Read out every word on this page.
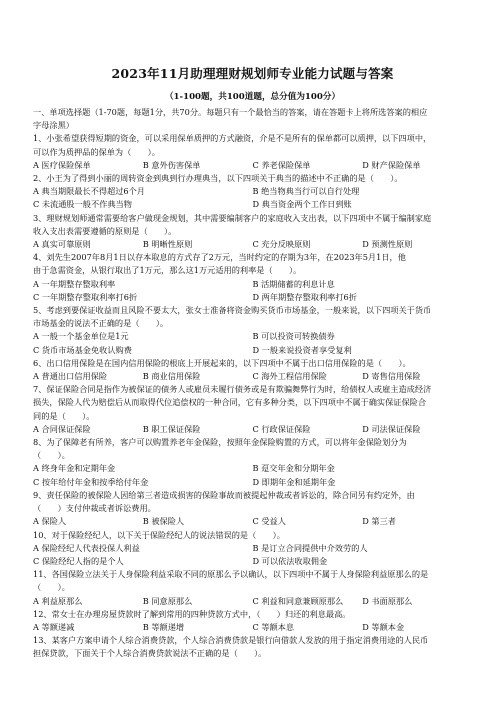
2023年11月助理理财规划师专业能力试题与答案
（1-100题，共100道题，总分值为100分）
一、单项选择题（1-70题，每题1分，共70分。每题只有一个最恰当的答案，请在答题卡上将所选答案的相应
字母涂黑）
1、小张希望获得短期的资金，可以采用保单质押的方式融资，介是不是所有的保单都可以质押，以下四项中，
可以作为质押品的保单为（　　）。
A 医疗保险保单	B 意外伤害保单	C 养老保险保单	D 财产保险保单
2、小王为了得到小丽的周转资金到典到行办理典当，以下四项关于典当的描述中不正确的是（　　）。
A 典当期限最长不得超过6个月	B 绝当物典当行可以自行处理
C 未流通股一般不作典当物	D 典当资金两个工作日到账
3、理财规划师通常需要给客户做现金规划，其中需要编制客户的家庭收入支出表，以下四项中不属于编制家庭
收入支出表需要遵循的原则是（　　）。
A 真实可靠原则	B 明晰性原则	C 充分反映原则	D 预测性原则
4、刘先生2007年8月1日以存本取息的方式存了2万元，当时约定的存期为3年，在2023年5月1日，他
由于急需资金，从银行取出了1万元，那么这1万元适用的利率是（　　）。
A 一年期整存整取利率	B 活期储蓄的利息计息
C 一年期整存整取利率打6折	D 两年期整存整取利率打6折
5、考虑到要保证收益而且风险不要太大，张女士准备将资金购买货币市场基金，一般来说，以下四项关于货币
市场基金的说法不正确的是（　　）。
A 一般一个基金单位是1元	B 可以投资可转换债券
C 货币市场基金免收认购费	D 一般来说投资者享受复利
6、出口信用保险是在国内信用保险的根底上开展起来的，以下四项中不属于出口信用保险的是（　　）。
A 普通出口信用保险	B 商业信用保险	C 海外工程信用保险	D 寄售信用保险
7、保证保险合同是指作为被保证的债务人或雇员未履行债务或是有欺骗舞弊行为时，给债权人或雇主造成经济
损失，保险人代为赔偿后从而取得代位追偿权的一种合同，它有多种分类，以下四项中不属于确实保证保险合
同的是（　　）。
A 合同保证保险	B 职工保证保险	C 行政保证保险	D 司法保证保险
8、为了保障老有所养，客户可以购置养老年金保险，按照年金保险购置的方式，可以将年金保险划分为
（　　）。
A 终身年金和定期年金	B 趸交年金和分期年金
C 按年给付年金和按季给付年金	D 即期年金和延期年金
9、责任保险的被保险人因给第三者造成损害的保险事故而被提起仲裁或者诉讼的，除合同另有约定外，由
（　　）支付仲裁或者诉讼费用。
A 保险人	B 被保险人	C 受益人	D 第三者
10、对于保险经纪人，以下关于保险经纪人的说法错误的是（　　）。
A 保险经纪人代表投保人利益	B 是订立合同提供中介效劳的人
C 保险经纪人指的是个人	D 可以依法收取佣金
11、各国保险立法关于人身保险利益采取不同的原那么予以确认，以下四项中不属于人身保险利益原那么的是
（　　）。
A 利益原那么	B 同意原那么	C 利益和同意兼顾原那么	D 书面原那么
12、常女士在办理房屋贷款时了解到常用的四种贷款方式中，（　　）归还的利息最高。
A 等额递减	B 等额递增	C 等额本息	D 等额本金
13、某客户方案申请个人综合消费贷款，个人综合消费贷款是银行向借款人发放的用于指定消费用途的人民币
担保贷款，下面关于个人综合消费贷款说法不正确的是（　　）。
